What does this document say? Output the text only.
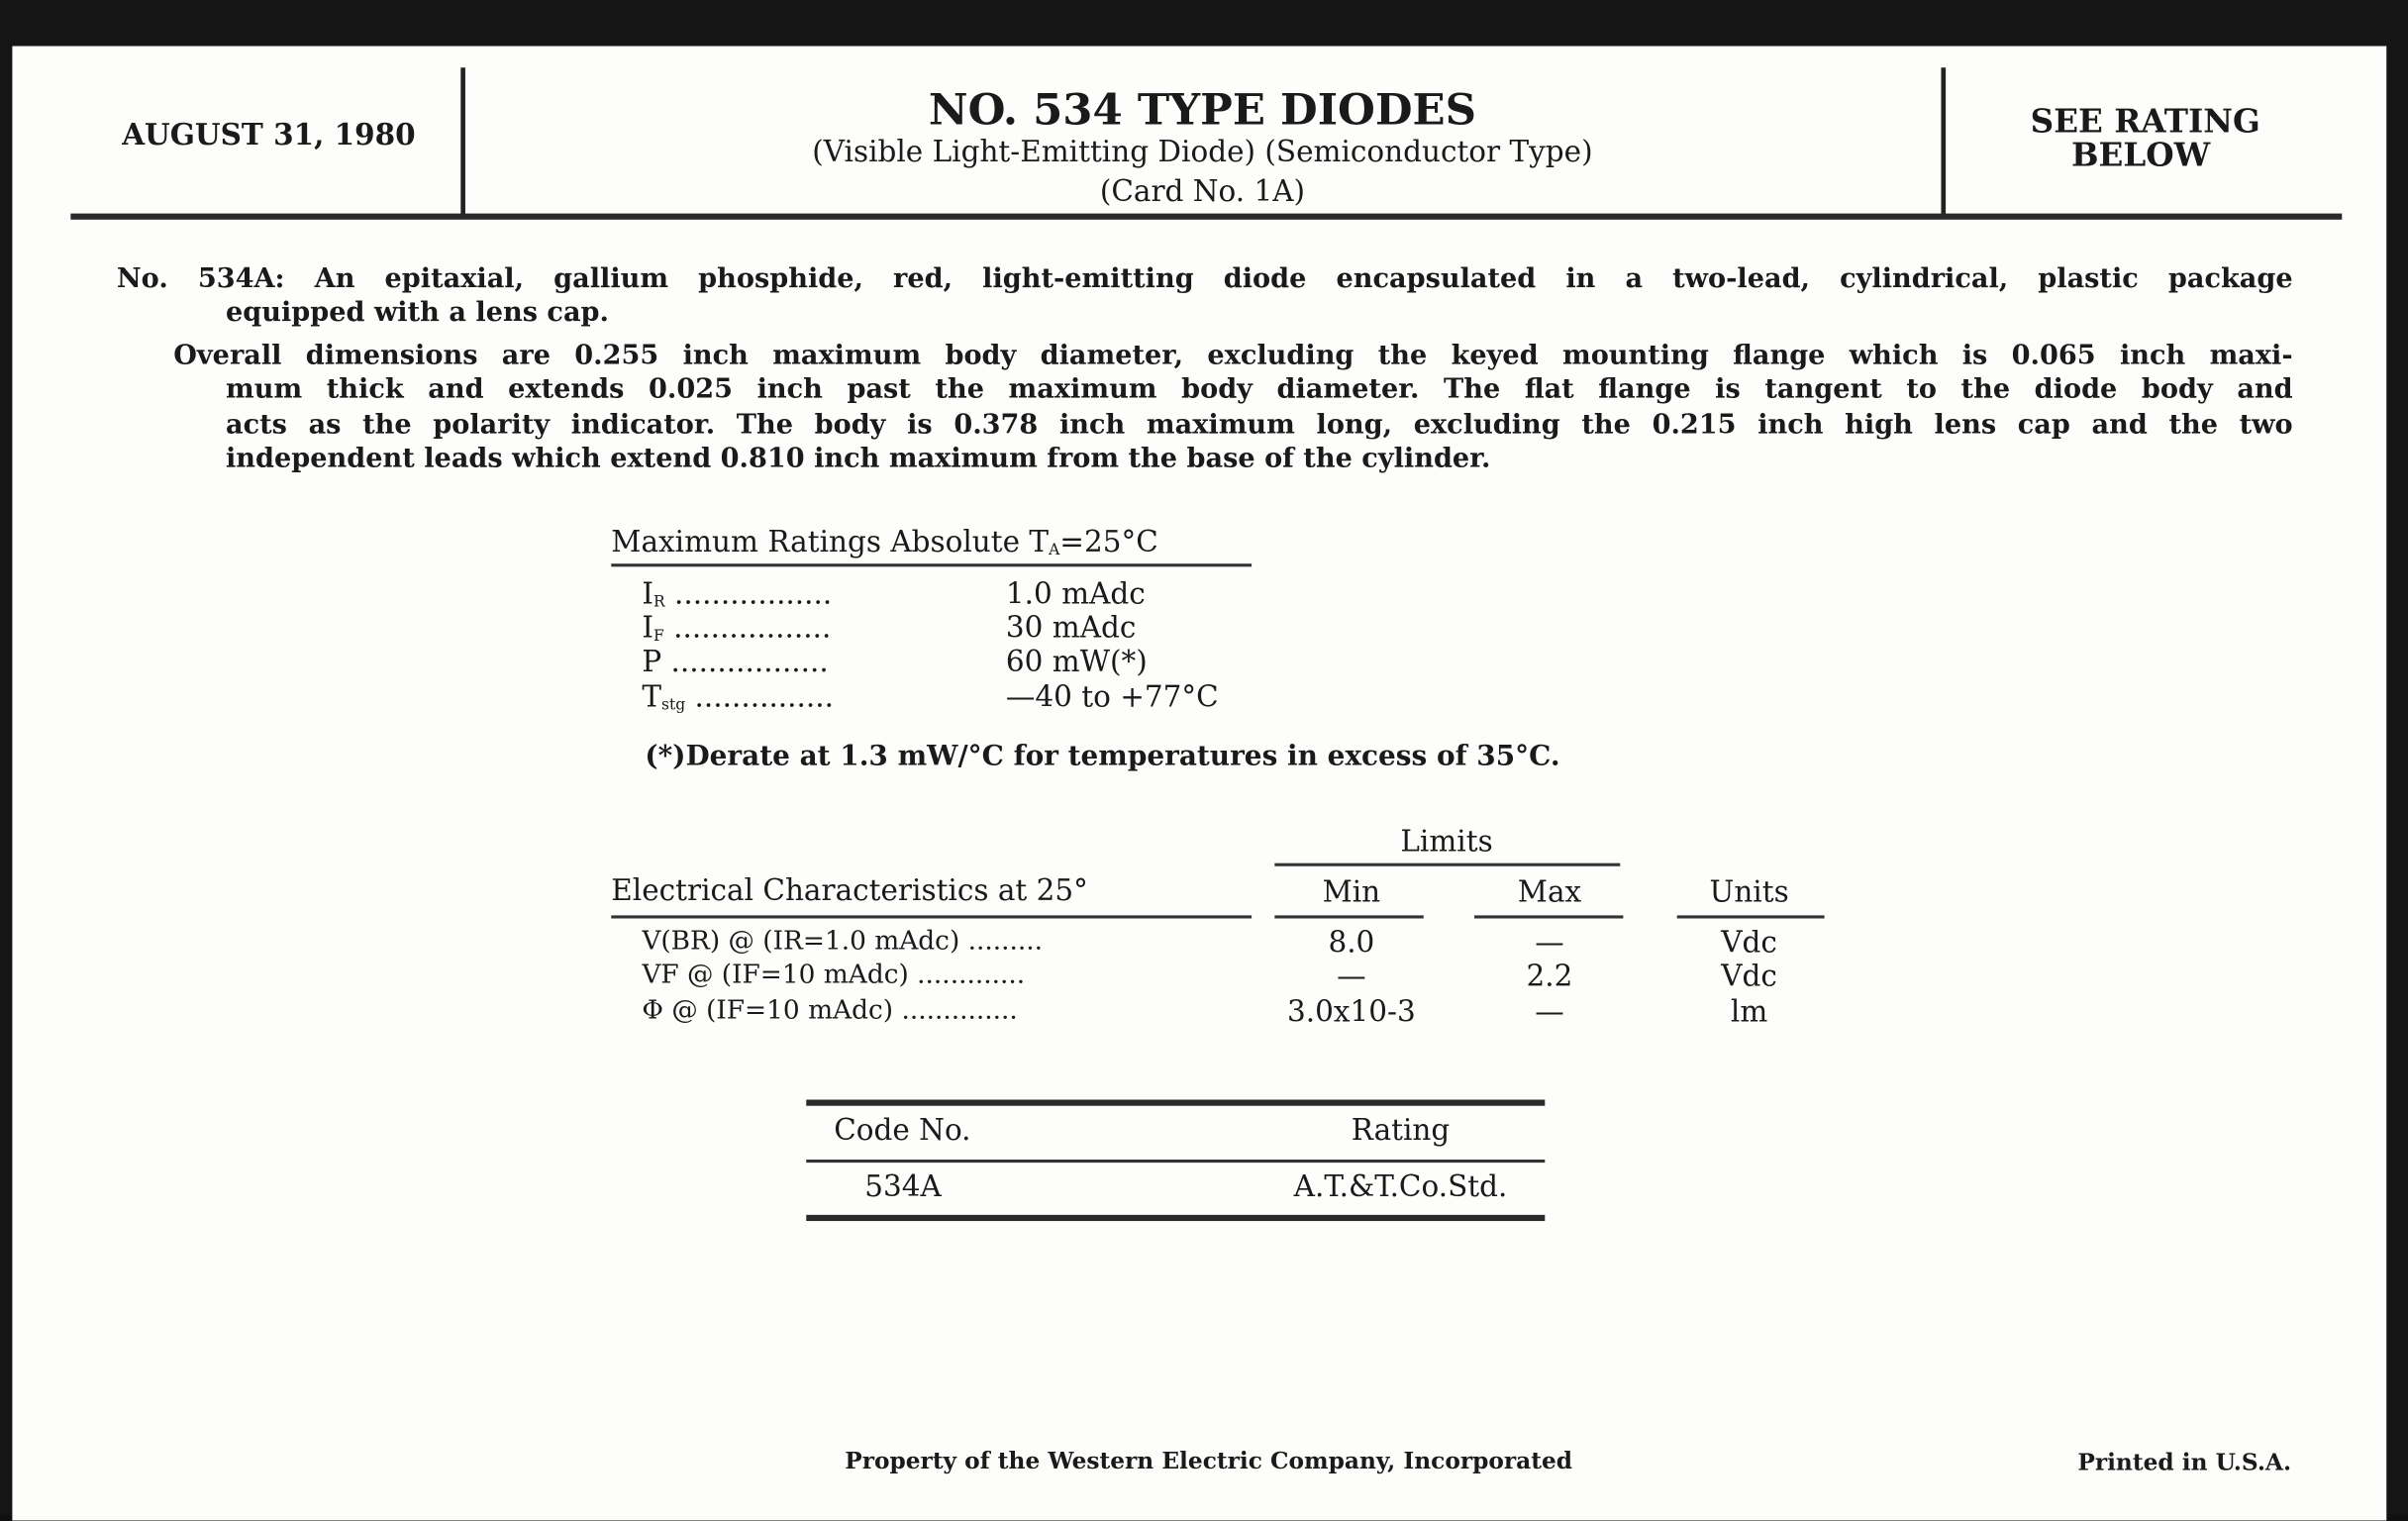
AUGUST 31, 1980	NO. 534 TYPE DIODES
(Visible Light-Emitting Diode) (Semiconductor Type)
(Card No. 1A)
SEE RATING
BELOW
No. 534A: An epitaxial, gallium phosphide, red, light-emitting diode encapsulated in a two-lead, cylindrical, plastic package
equipped with a lens cap.
Overall dimensions are 0.255 inch maximum body diameter, excluding the keyed mounting flange which is 0.065 inch maxi-
mum thick and extends 0.025 inch past the maximum body diameter. The flat flange is tangent to the diode body and
acts as the polarity indicator. The body is 0.378 inch maximum long, excluding the 0.215 inch high lens cap and the two
independent leads which extend 0.810 inch maximum from the base of the cylinder.
Maximum Ratings Absolute $T_A=25^\circ C$
$I_R$ .................	1.0 mAdc
$I_F$ .................	30 mAdc
P .................	60 mW(*)
$T_{stg}$ ...............	—40 to +77°C
(*)Derate at 1.3 mW/°C for temperatures in excess of 35°C.
Limits
Electrical Characteristics at 25°	Min	Max	Units
V(BR) @ (IR=1.0 mAdc) .........	8.0	—	Vdc
VF @ (IF=10 mAdc) .............	—	2.2	Vdc
Φ @ (IF=10 mAdc) ..............	3.0x10-3	—	lm
Code No.	Rating
534A	A.T.&T.Co.Std.
Property of the Western Electric Company, Incorporated	Printed in U.S.A.
